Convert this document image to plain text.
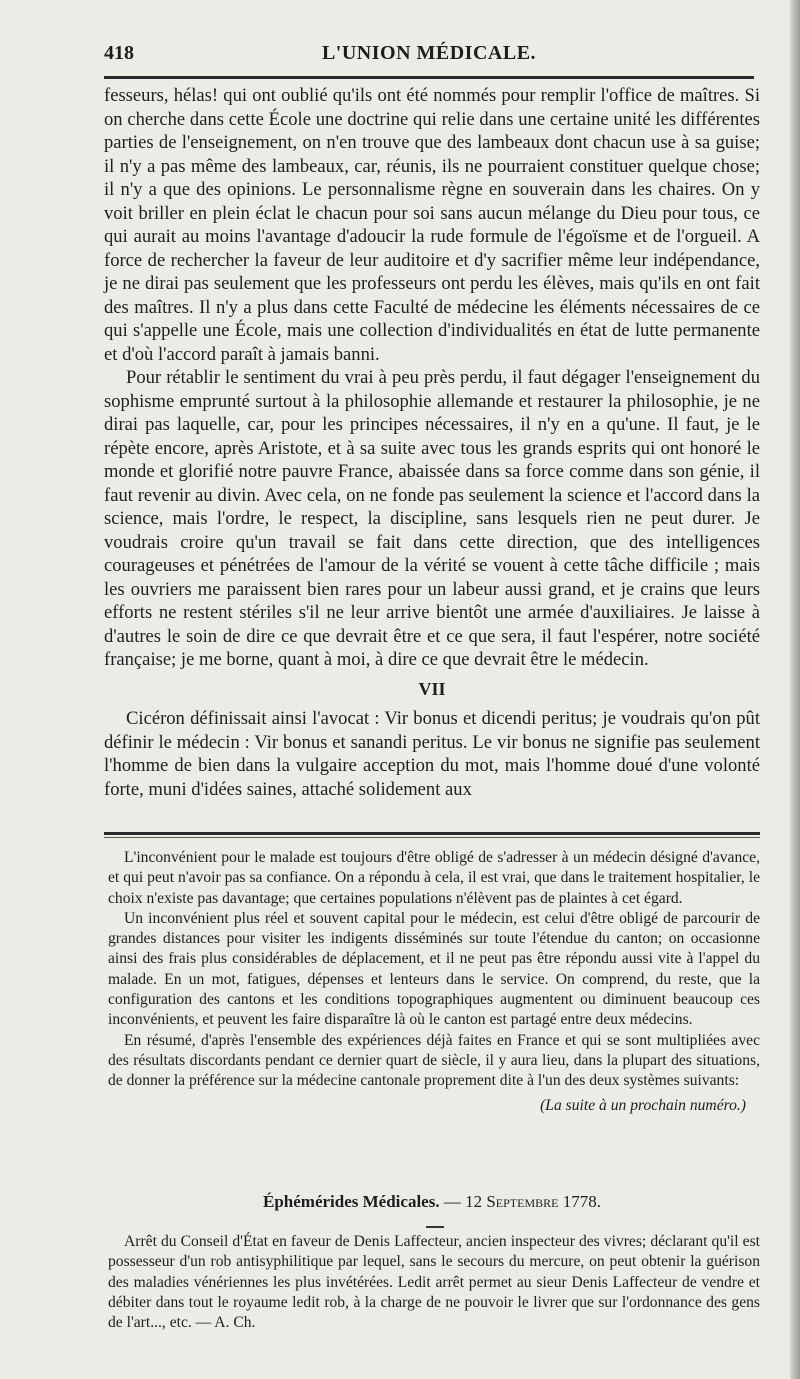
418	L'UNION MÉDICALE.

fesseurs, hélas! qui ont oublié qu'ils ont été nommés pour remplir l'office de maîtres. Si on cherche dans cette École une doctrine qui relie dans une certaine unité les différentes parties de l'enseignement, on n'en trouve que des lambeaux dont chacun use à sa guise; il n'y a pas même des lambeaux, car, réunis, ils ne pourraient constituer quelque chose; il n'y a que des opinions. Le personnalisme règne en souverain dans les chaires. On y voit briller en plein éclat le chacun pour soi sans aucun mélange du Dieu pour tous, ce qui aurait au moins l'avantage d'adoucir la rude formule de l'égoïsme et de l'orgueil. A force de rechercher la faveur de leur auditoire et d'y sacrifier même leur indépendance, je ne dirai pas seulement que les professeurs ont perdu les élèves, mais qu'ils en ont fait des maîtres. Il n'y a plus dans cette Faculté de médecine les éléments nécessaires de ce qui s'appelle une École, mais une collection d'individualités en état de lutte permanente et d'où l'accord paraît à jamais banni.

Pour rétablir le sentiment du vrai à peu près perdu, il faut dégager l'enseignement du sophisme emprunté surtout à la philosophie allemande et restaurer la philosophie, je ne dirai pas laquelle, car, pour les principes nécessaires, il n'y en a qu'une. Il faut, je le répète encore, après Aristote, et à sa suite avec tous les grands esprits qui ont honoré le monde et glorifié notre pauvre France, abaissée dans sa force comme dans son génie, il faut revenir au divin. Avec cela, on ne fonde pas seulement la science et l'accord dans la science, mais l'ordre, le respect, la discipline, sans lesquels rien ne peut durer. Je voudrais croire qu'un travail se fait dans cette direction, que des intelligences courageuses et pénétrées de l'amour de la vérité se vouent à cette tâche difficile ; mais les ouvriers me paraissent bien rares pour un labeur aussi grand, et je crains que leurs efforts ne restent stériles s'il ne leur arrive bientôt une armée d'auxiliaires. Je laisse à d'autres le soin de dire ce que devrait être et ce que sera, il faut l'espérer, notre société française; je me borne, quant à moi, à dire ce que devrait être le médecin.

VII

Cicéron définissait ainsi l'avocat : Vir bonus et dicendi peritus; je voudrais qu'on pût définir le médecin : Vir bonus et sanandi peritus. Le vir bonus ne signifie pas seulement l'homme de bien dans la vulgaire acception du mot, mais l'homme doué d'une volonté forte, muni d'idées saines, attaché solidement aux

L'inconvénient pour le malade est toujours d'être obligé de s'adresser à un médecin désigné d'avance, et qui peut n'avoir pas sa confiance. On a répondu à cela, il est vrai, que dans le traitement hospitalier, le choix n'existe pas davantage; que certaines populations n'élèvent pas de plaintes à cet égard.

Un inconvénient plus réel et souvent capital pour le médecin, est celui d'être obligé de parcourir de grandes distances pour visiter les indigents disséminés sur toute l'étendue du canton; on occasionne ainsi des frais plus considérables de déplacement, et il ne peut pas être répondu aussi vite à l'appel du malade. En un mot, fatigues, dépenses et lenteurs dans le service. On comprend, du reste, que la configuration des cantons et les conditions topographiques augmentent ou diminuent beaucoup ces inconvénients, et peuvent les faire disparaître là où le canton est partagé entre deux médecins.

En résumé, d'après l'ensemble des expériences déjà faites en France et qui se sont multipliées avec des résultats discordants pendant ce dernier quart de siècle, il y aura lieu, dans la plupart des situations, de donner la préférence sur la médecine cantonale proprement dite à l'un des deux systèmes suivants:

(La suite à un prochain numéro.)

Éphémérides Médicales. — 12 Septembre 1778.

Arrêt du Conseil d'État en faveur de Denis Laffecteur, ancien inspecteur des vivres; déclarant qu'il est possesseur d'un rob antisyphilitique par lequel, sans le secours du mercure, on peut obtenir la guérison des maladies vénériennes les plus invétérées. Ledit arrêt permet au sieur Denis Laffecteur de vendre et débiter dans tout le royaume ledit rob, à la charge de ne pouvoir le livrer que sur l'ordonnance des gens de l'art..., etc. — A. Ch.
